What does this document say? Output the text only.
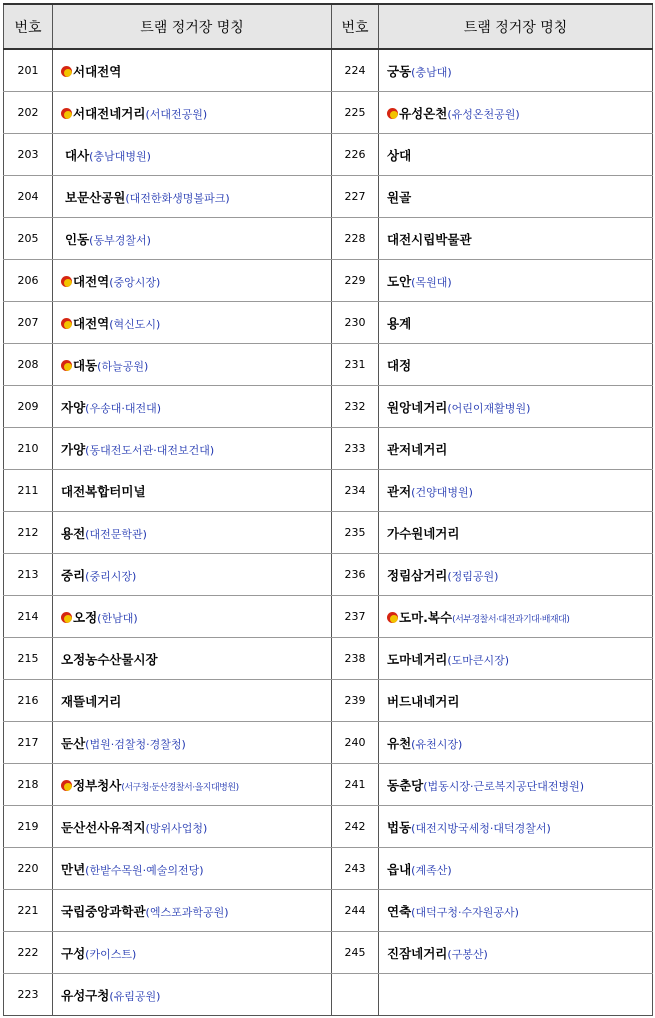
번호	트램 정거장 명칭	번호	트램 정거장 명칭
201	서대전역	224	궁동(충남대)
202	서대전네거리(서대전공원)	225	유성온천(유성온천공원)
203	대사(충남대병원)	226	상대
204	보문산공원(대전한화생명볼파크)	227	원골
205	인동(동부경찰서)	228	대전시립박물관
206	대전역(중앙시장)	229	도안(목원대)
207	대전역(혁신도시)	230	용계
208	대동(하늘공원)	231	대정
209	자양(우송대·대전대)	232	원앙네거리(어린이재활병원)
210	가양(동대전도서관·대전보건대)	233	관저네거리
211	대전복합터미널	234	관저(건양대병원)
212	용전(대전문학관)	235	가수원네거리
213	중리(중리시장)	236	정림삼거리(정림공원)
214	오정(한남대)	237	도마.복수(서부경찰서·대전과기대·배재대)
215	오정농수산물시장	238	도마네거리(도마큰시장)
216	재뜰네거리	239	버드내네거리
217	둔산(법원·검찰청·경찰청)	240	유천(유천시장)
218	정부청사(서구청·둔산경찰서·을지대병원)	241	동춘당(법동시장·근로복지공단대전병원)
219	둔산선사유적지(방위사업청)	242	법동(대전지방국세청·대덕경찰서)
220	만년(한밭수목원·예술의전당)	243	읍내(계족산)
221	국립중앙과학관(엑스포과학공원)	244	연축(대덕구청·수자원공사)
222	구성(카이스트)	245	진잠네거리(구봉산)
223	유성구청(유림공원)		
